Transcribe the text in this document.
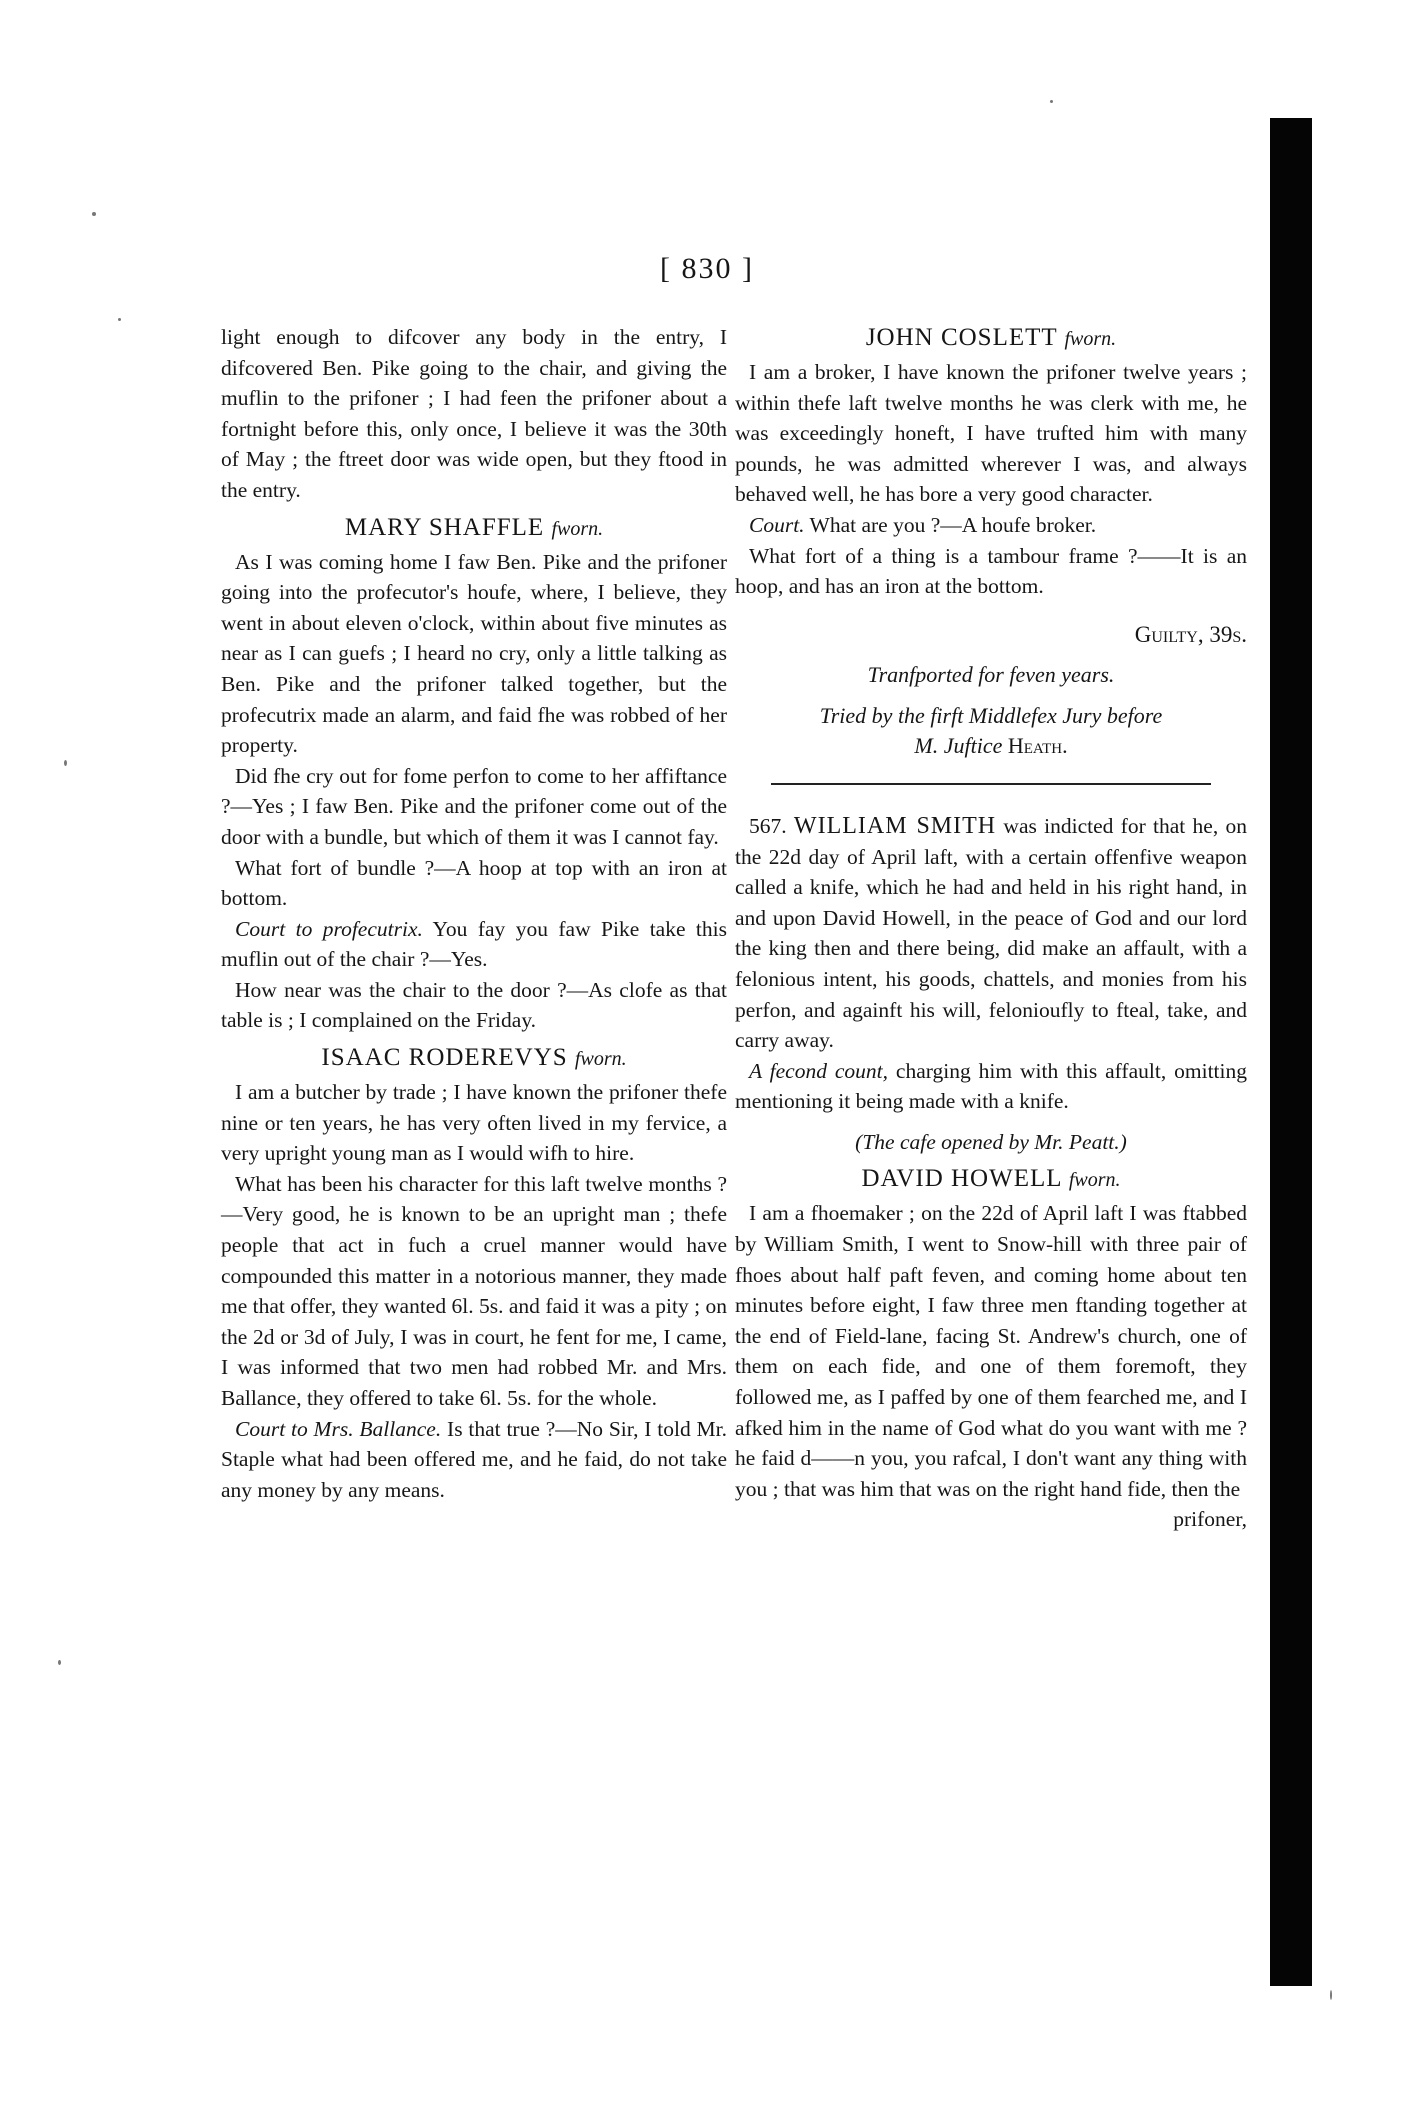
[ 830 ]

light enough to difcover any body in the entry, I difcovered Ben. Pike going to the chair, and giving the muflin to the prifoner ; I had feen the prifoner about a fortnight before this, only once, I believe it was the 30th of May ; the ftreet door was wide open, but they ftood in the entry.

MARY SHAFFLE fworn.

As I was coming home I faw Ben. Pike and the prifoner going into the profecutor's houfe, where, I believe, they went in about eleven o'clock, within about five minutes as near as I can guefs ; I heard no cry, only a little talking as Ben. Pike and the prifoner talked together, but the profecutrix made an alarm, and faid fhe was robbed of her property.

Did fhe cry out for fome perfon to come to her affiftance ?—Yes ; I faw Ben. Pike and the prifoner come out of the door with a bundle, but which of them it was I cannot fay.

What fort of bundle ?—A hoop at top with an iron at bottom.

Court to profecutrix. You fay you faw Pike take this muflin out of the chair ?—Yes.

How near was the chair to the door ?—As clofe as that table is ; I complained on the Friday.

ISAAC RODEREVYS fworn.

I am a butcher by trade ; I have known the prifoner thefe nine or ten years, he has very often lived in my fervice, a very upright young man as I would wifh to hire.

What has been his character for this laft twelve months ?—Very good, he is known to be an upright man ; thefe people that act in fuch a cruel manner would have compounded this matter in a notorious manner, they made me that offer, they wanted 6l. 5s. and faid it was a pity ; on the 2d or 3d of July, I was in court, he fent for me, I came, I was informed that two men had robbed Mr. and Mrs. Ballance, they offered to take 6l. 5s. for the whole.

Court to Mrs. Ballance. Is that true ?—No Sir, I told Mr. Staple what had been offered me, and he faid, do not take any money by any means.

JOHN COSLETT fworn.

I am a broker, I have known the prifoner twelve years ; within thefe laft twelve months he was clerk with me, he was exceedingly honeft, I have trufted him with many pounds, he was admitted wherever I was, and always behaved well, he has bore a very good character.

Court. What are you ?—A houfe broker.

What fort of a thing is a tambour frame ?——It is an hoop, and has an iron at the bottom.

Guilty, 39s.
Tranfported for feven years.
Tried by the firft Middlefex Jury before
M. Juftice Heath.

567. WILLIAM SMITH was indicted for that he, on the 22d day of April laft, with a certain offenfive weapon called a knife, which he had and held in his right hand, in and upon David Howell, in the peace of God and our lord the king then and there being, did make an affault, with a felonious intent, his goods, chattels, and monies from his perfon, and againft his will, felonioufly to fteal, take, and carry away.

A fecond count, charging him with this affault, omitting mentioning it being made with a knife.

(The cafe opened by Mr. Peatt.)
DAVID HOWELL fworn.

I am a fhoemaker ; on the 22d of April laft I was ftabbed by William Smith, I went to Snow-hill with three pair of fhoes about half paft feven, and coming home about ten minutes before eight, I faw three men ftanding together at the end of Field-lane, facing St. Andrew's church, one of them on each fide, and one of them foremoft, they followed me, as I paffed by one of them fearched me, and I afked him in the name of God what do you want with me ? he faid d——n you, you rafcal, I don't want any thing with you ; that was him that was on the right hand fide, then the

prifoner,
